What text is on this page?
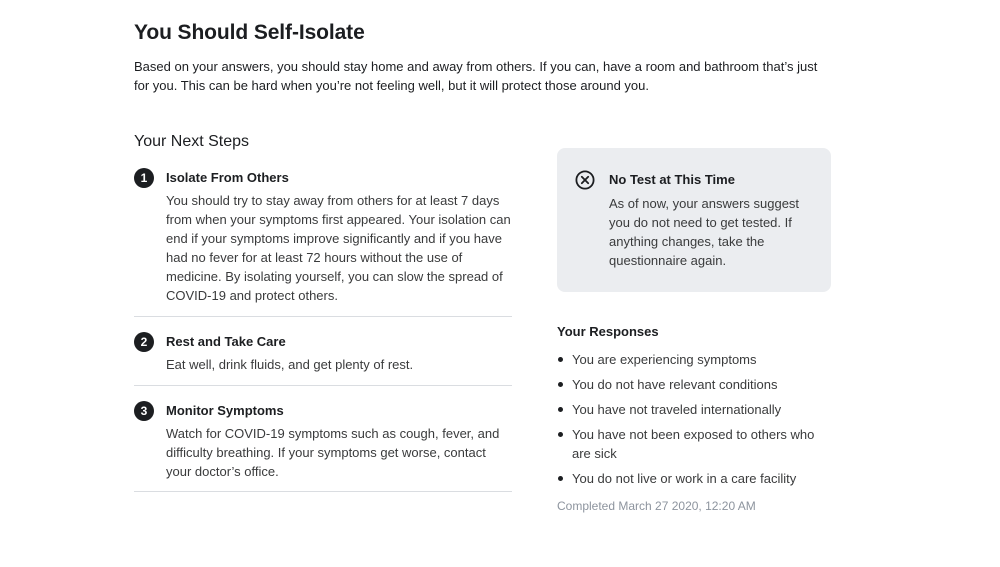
You Should Self-Isolate

Based on your answers, you should stay home and away from others. If you can, have a room and bathroom that’s just for you. This can be hard when you’re not feeling well, but it will protect those around you.

Your Next Steps
1	Isolate From Others

You should try to stay away from others for at least 7 days from when your symptoms first appeared. Your isolation can end if your symptoms improve significantly and if you have had no fever for at least 72 hours without the use of medicine. By isolating yourself, you can slow the spread of COVID-19 and protect others.

2	Rest and Take Care

Eat well, drink fluids, and get plenty of rest.

3	Monitor Symptoms

Watch for COVID-19 symptoms such as cough, fever, and difficulty breathing. If your symptoms get worse, contact your doctor’s office.

No Test at This Time

As of now, your answers suggest you do not need to get tested. If anything changes, take the questionnaire again.

Your Responses
You are experiencing symptoms
You do not have relevant conditions
You have not traveled internationally
You have not been exposed to others who are sick
You do not live or work in a care facility

Completed March 27 2020, 12:20 AM
